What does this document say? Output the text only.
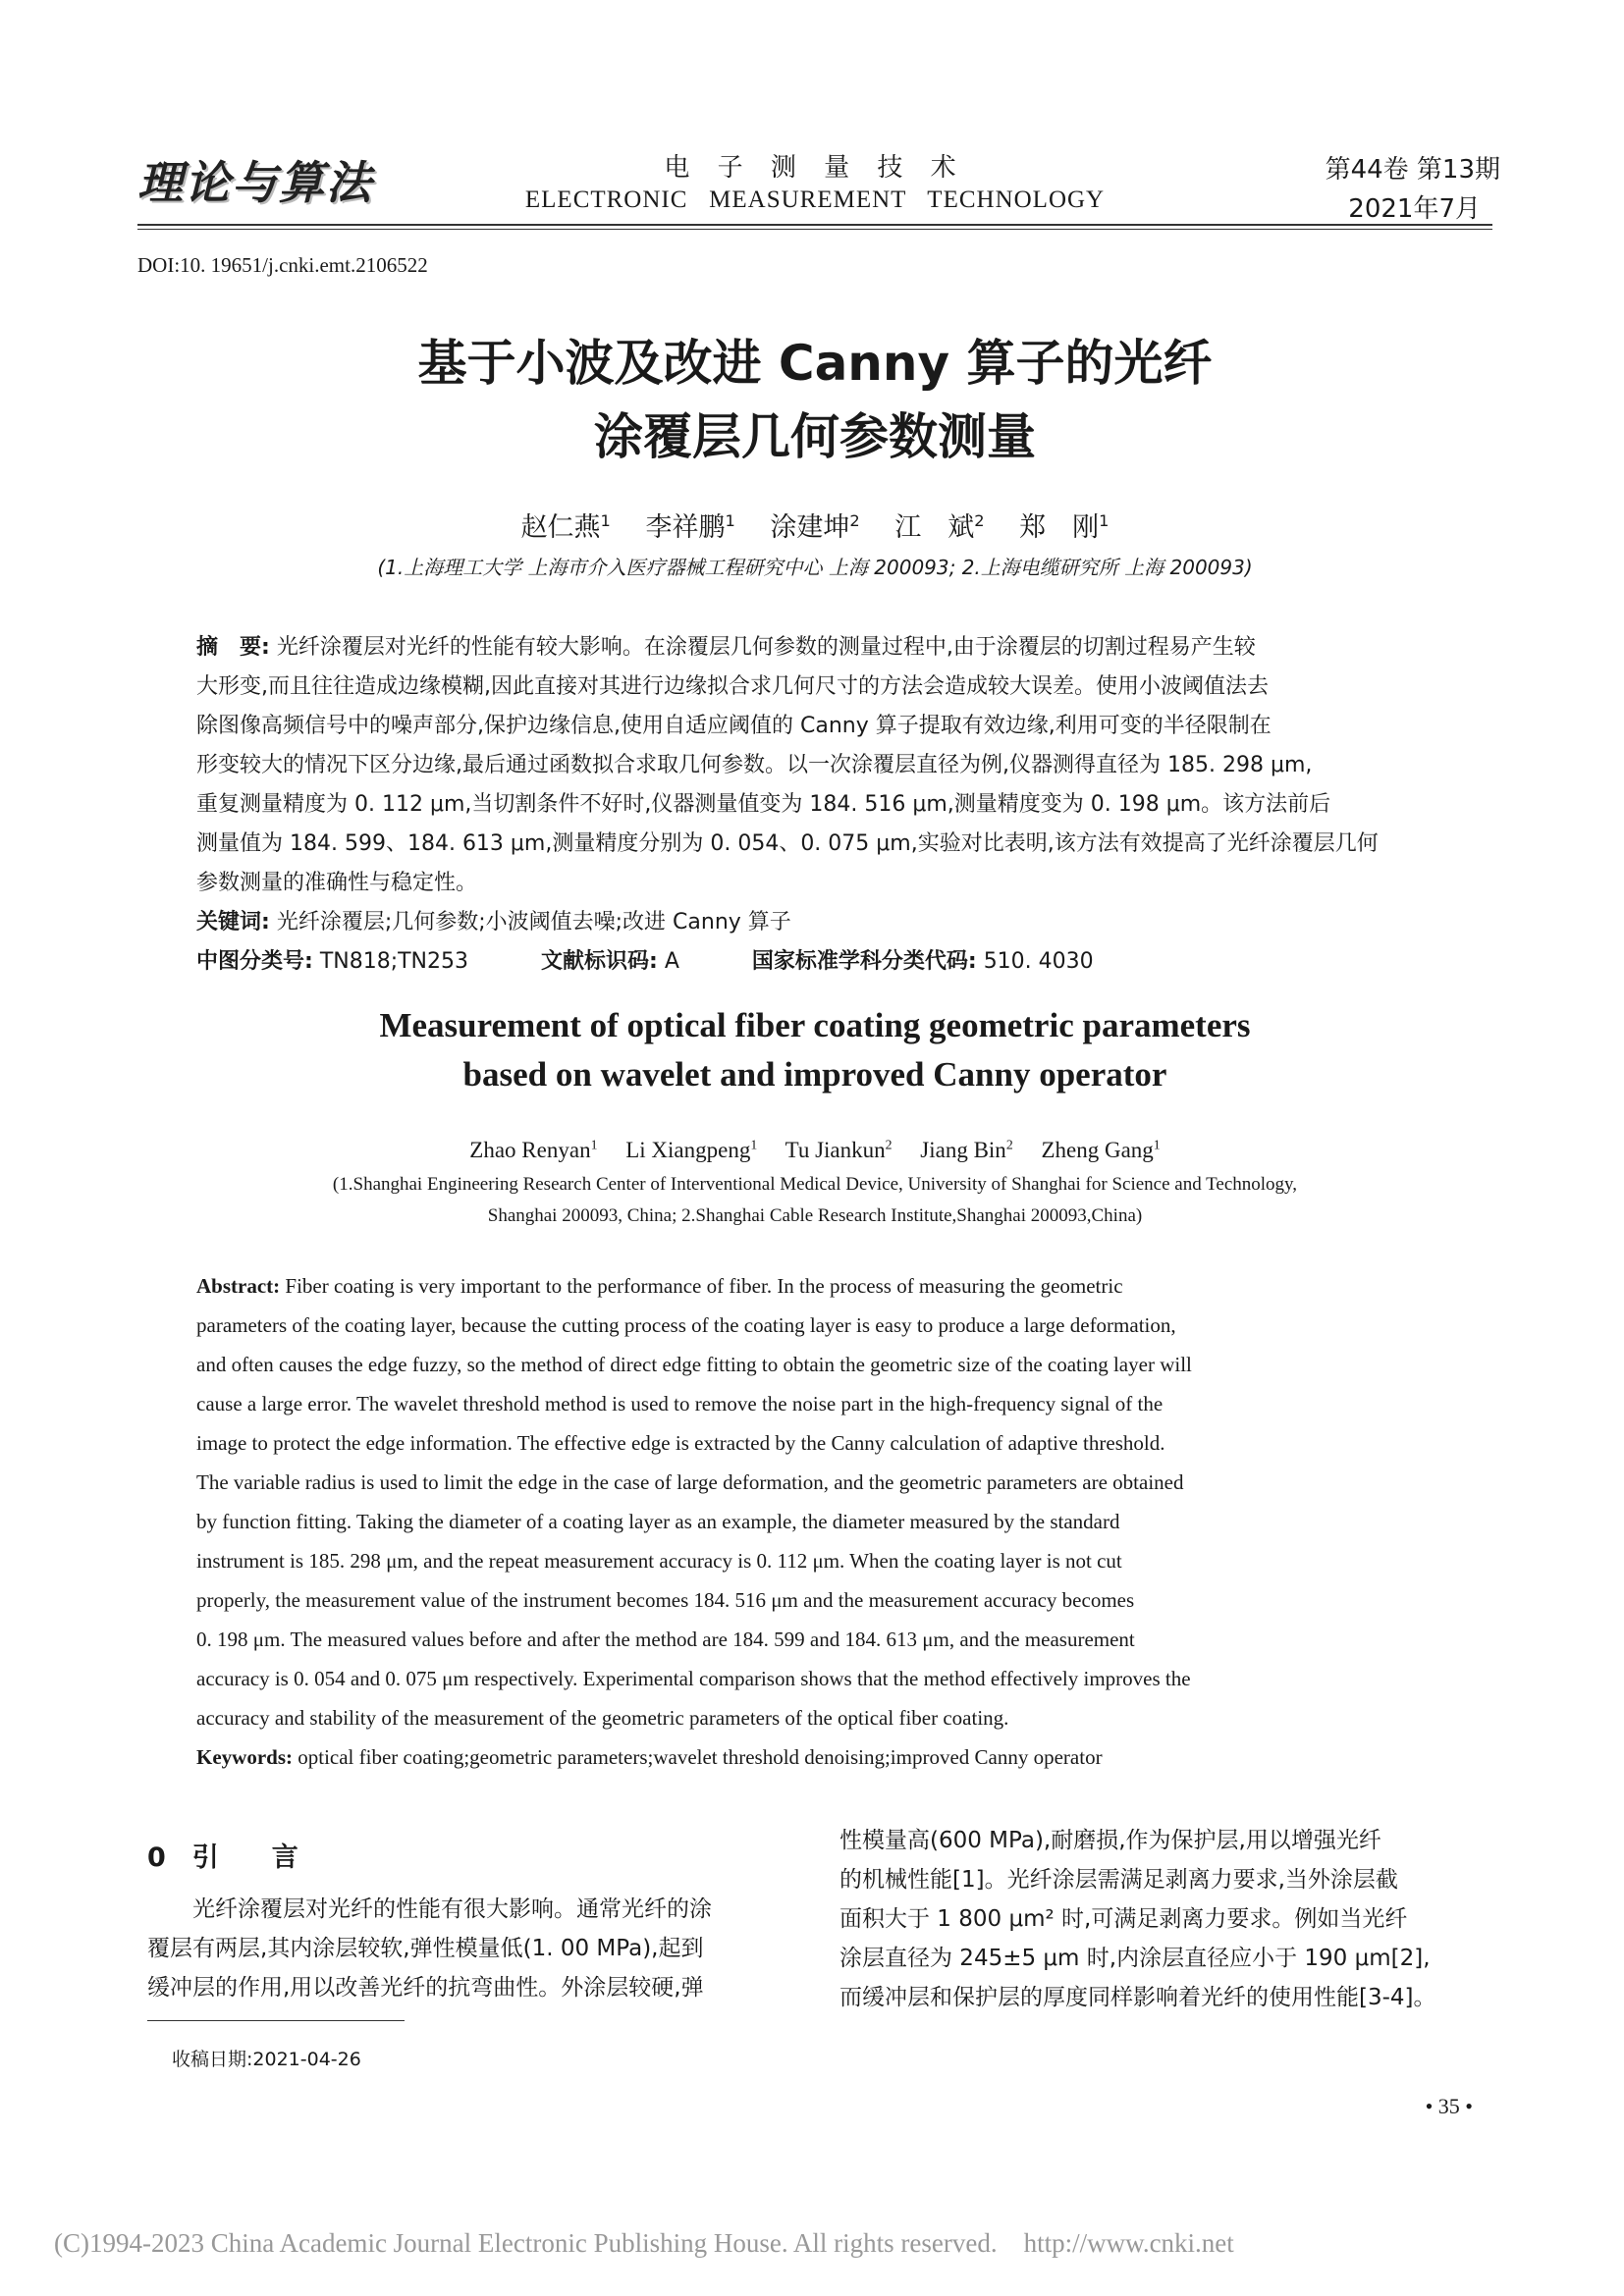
理论与算法	电 子 测 量 技 术
ELECTRONIC   MEASUREMENT   TECHNOLOGY
第44卷 第13期
2021年7月
DOI:10. 19651/j.cnki.emt.2106522
基于小波及改进 Canny 算子的光纤
涂覆层几何参数测量
赵仁燕$^1$  李祥鹏$^1$  涂建坤$^2$  江　斌$^2$  郑　刚$^1$
(1.上海理工大学 上海市介入医疗器械工程研究中心 上海 200093; 2.上海电缆研究所 上海 200093)
摘　要: 光纤涂覆层对光纤的性能有较大影响。在涂覆层几何参数的测量过程中,由于涂覆层的切割过程易产生较
大形变,而且往往造成边缘模糊,因此直接对其进行边缘拟合求几何尺寸的方法会造成较大误差。使用小波阈值法去
除图像高频信号中的噪声部分,保护边缘信息,使用自适应阈值的 Canny 算子提取有效边缘,利用可变的半径限制在
形变较大的情况下区分边缘,最后通过函数拟合求取几何参数。以一次涂覆层直径为例,仪器测得直径为 185. 298 μm,
重复测量精度为 0. 112 μm,当切割条件不好时,仪器测量值变为 184. 516 μm,测量精度变为 0. 198 μm。该方法前后
测量值为 184. 599、184. 613 μm,测量精度分别为 0. 054、0. 075 μm,实验对比表明,该方法有效提高了光纤涂覆层几何
参数测量的准确性与稳定性。
关键词: 光纤涂覆层;几何参数;小波阈值去噪;改进 Canny 算子
中图分类号: TN818;TN253	文献标识码: A	国家标准学科分类代码: 510. 4030
Measurement of optical fiber coating geometric parameters
based on wavelet and improved Canny operator
Zhao Renyan$^1$   Li Xiangpeng$^1$   Tu Jiankun$^2$   Jiang Bin$^2$   Zheng Gang$^1$
(1.Shanghai Engineering Research Center of Interventional Medical Device, University of Shanghai for Science and Technology,
Shanghai 200093, China; 2.Shanghai Cable Research Institute,Shanghai 200093,China)
Abstract: Fiber coating is very important to the performance of fiber. In the process of measuring the geometric
parameters of the coating layer, because the cutting process of the coating layer is easy to produce a large deformation,
and often causes the edge fuzzy, so the method of direct edge fitting to obtain the geometric size of the coating layer will
cause a large error. The wavelet threshold method is used to remove the noise part in the high-frequency signal of the
image to protect the edge information. The effective edge is extracted by the Canny calculation of adaptive threshold.
The variable radius is used to limit the edge in the case of large deformation, and the geometric parameters are obtained
by function fitting. Taking the diameter of a coating layer as an example, the diameter measured by the standard
instrument is 185. 298 μm, and the repeat measurement accuracy is 0. 112 μm. When the coating layer is not cut
properly, the measurement value of the instrument becomes 184. 516 μm and the measurement accuracy becomes
0. 198 μm. The measured values before and after the method are 184. 599 and 184. 613 μm, and the measurement
accuracy is 0. 054 and 0. 075 μm respectively. Experimental comparison shows that the method effectively improves the
accuracy and stability of the measurement of the geometric parameters of the optical fiber coating.
Keywords: optical fiber coating;geometric parameters;wavelet threshold denoising;improved Canny operator
0　引　　言
光纤涂覆层对光纤的性能有很大影响。通常光纤的涂
覆层有两层,其内涂层较软,弹性模量低(1. 00 MPa),起到
缓冲层的作用,用以改善光纤的抗弯曲性。外涂层较硬,弹
性模量高(600 MPa),耐磨损,作为保护层,用以增强光纤
的机械性能[1]。光纤涂层需满足剥离力要求,当外涂层截
面积大于 1 800 μm² 时,可满足剥离力要求。例如当光纤
涂层直径为 245±5 μm 时,内涂层直径应小于 190 μm[2],
而缓冲层和保护层的厚度同样影响着光纤的使用性能[3-4]。
收稿日期:2021-04-26
• 35 •
(C)1994-2023 China Academic Journal Electronic Publishing House. All rights reserved.    http://www.cnki.net
